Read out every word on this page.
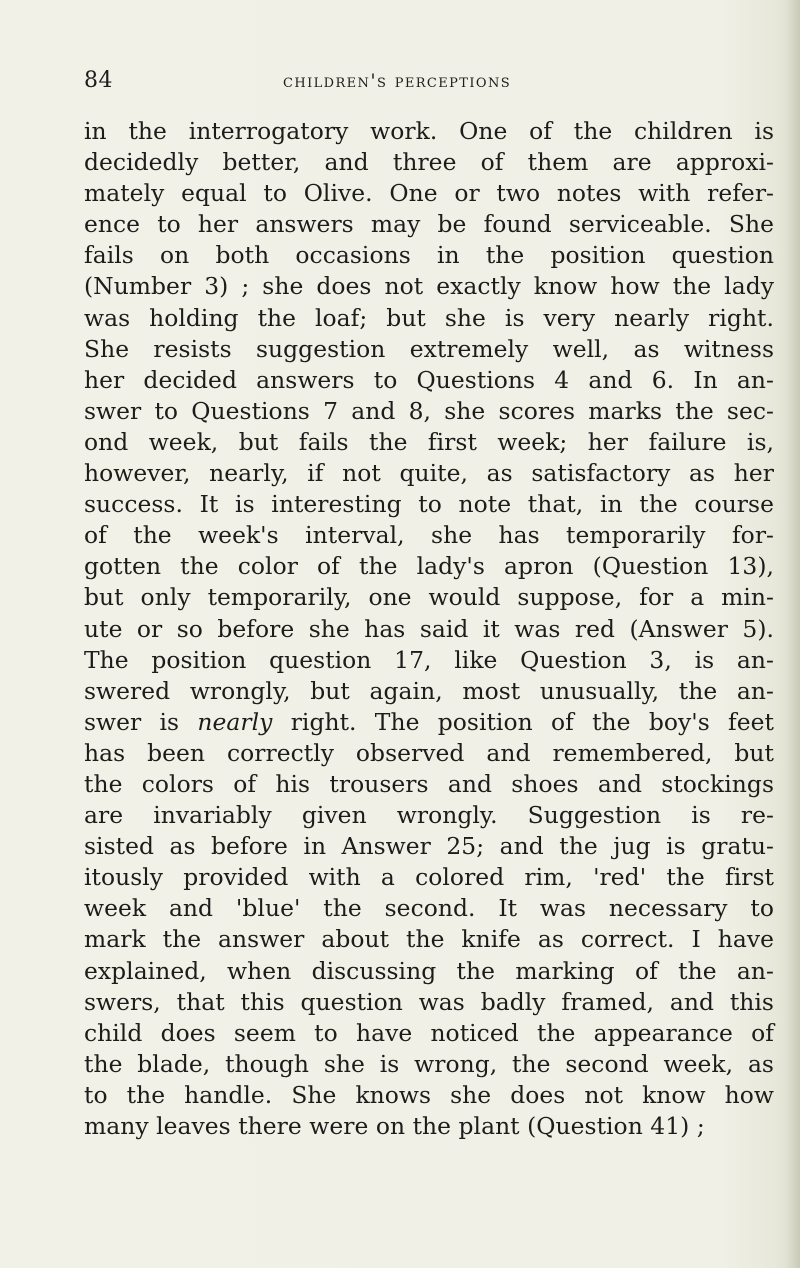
84	children's perceptions
in the interrogatory work. One of the children is
decidedly better, and three of them are approxi-
mately equal to Olive. One or two notes with refer-
ence to her answers may be found serviceable. She
fails on both occasions in the position question
(Number 3) ; she does not exactly know how the lady
was holding the loaf; but she is very nearly right.
She resists suggestion extremely well, as witness
her decided answers to Questions 4 and 6. In an-
swer to Questions 7 and 8, she scores marks the sec-
ond week, but fails the first week; her failure is,
however, nearly, if not quite, as satisfactory as her
success. It is interesting to note that, in the course
of the week's interval, she has temporarily for-
gotten the color of the lady's apron (Question 13),
but only temporarily, one would suppose, for a min-
ute or so before she has said it was red (Answer 5).
The position question 17, like Question 3, is an-
swered wrongly, but again, most unusually, the an-
swer is nearly right. The position of the boy's feet
has been correctly observed and remembered, but
the colors of his trousers and shoes and stockings
are invariably given wrongly. Suggestion is re-
sisted as before in Answer 25; and the jug is gratu-
itously provided with a colored rim, 'red' the first
week and 'blue' the second. It was necessary to
mark the answer about the knife as correct. I have
explained, when discussing the marking of the an-
swers, that this question was badly framed, and this
child does seem to have noticed the appearance of
the blade, though she is wrong, the second week, as
to the handle. She knows she does not know how
many leaves there were on the plant (Question 41) ;
